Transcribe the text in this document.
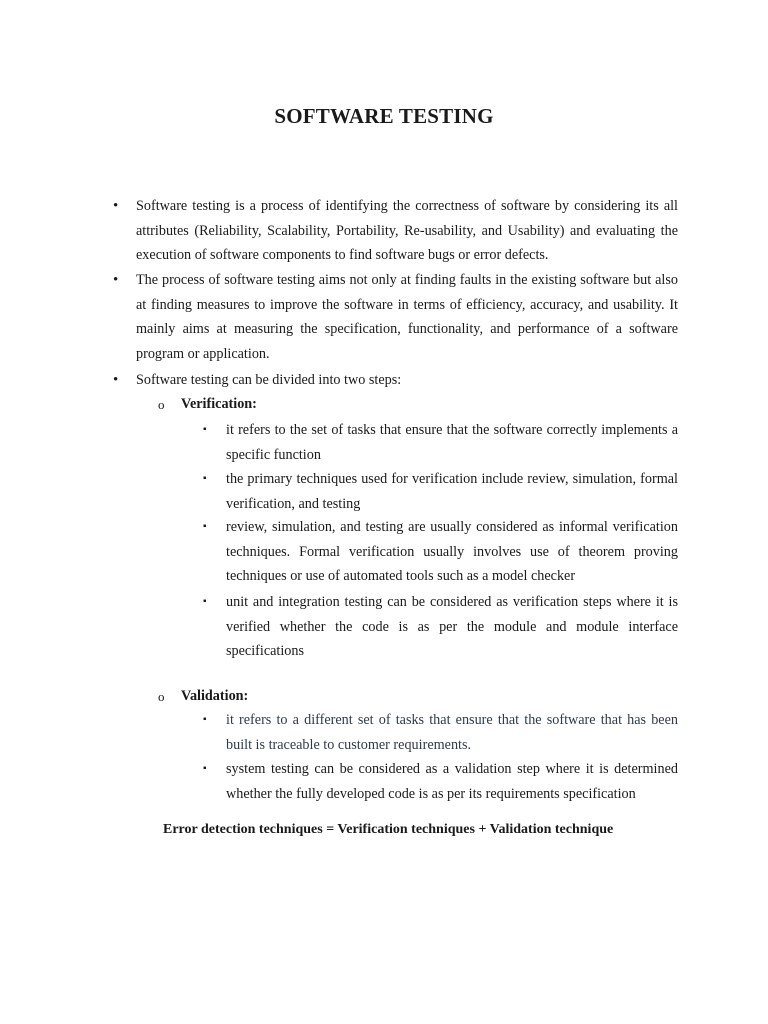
SOFTWARE TESTING
• Software testing is a process of identifying the correctness of software by considering its all attributes (Reliability, Scalability, Portability, Re-usability, and Usability) and evaluating the execution of software components to find software bugs or error defects.
• The process of software testing aims not only at finding faults in the existing software but also at finding measures to improve the software in terms of efficiency, accuracy, and usability. It mainly aims at measuring the specification, functionality, and performance of a software program or application.
• Software testing can be divided into two steps:
o Verification:
▪ it refers to the set of tasks that ensure that the software correctly implements a specific function
▪ the primary techniques used for verification include review, simulation, formal verification, and testing
▪ review, simulation, and testing are usually considered as informal verification techniques. Formal verification usually involves use of theorem proving techniques or use of automated tools such as a model checker
▪ unit and integration testing can be considered as verification steps where it is verified whether the code is as per the module and module interface specifications
o Validation:
▪ it refers to a different set of tasks that ensure that the software that has been built is traceable to customer requirements.
▪ system testing can be considered as a validation step where it is determined whether the fully developed code is as per its requirements specification
Error detection techniques = Verification techniques + Validation technique
